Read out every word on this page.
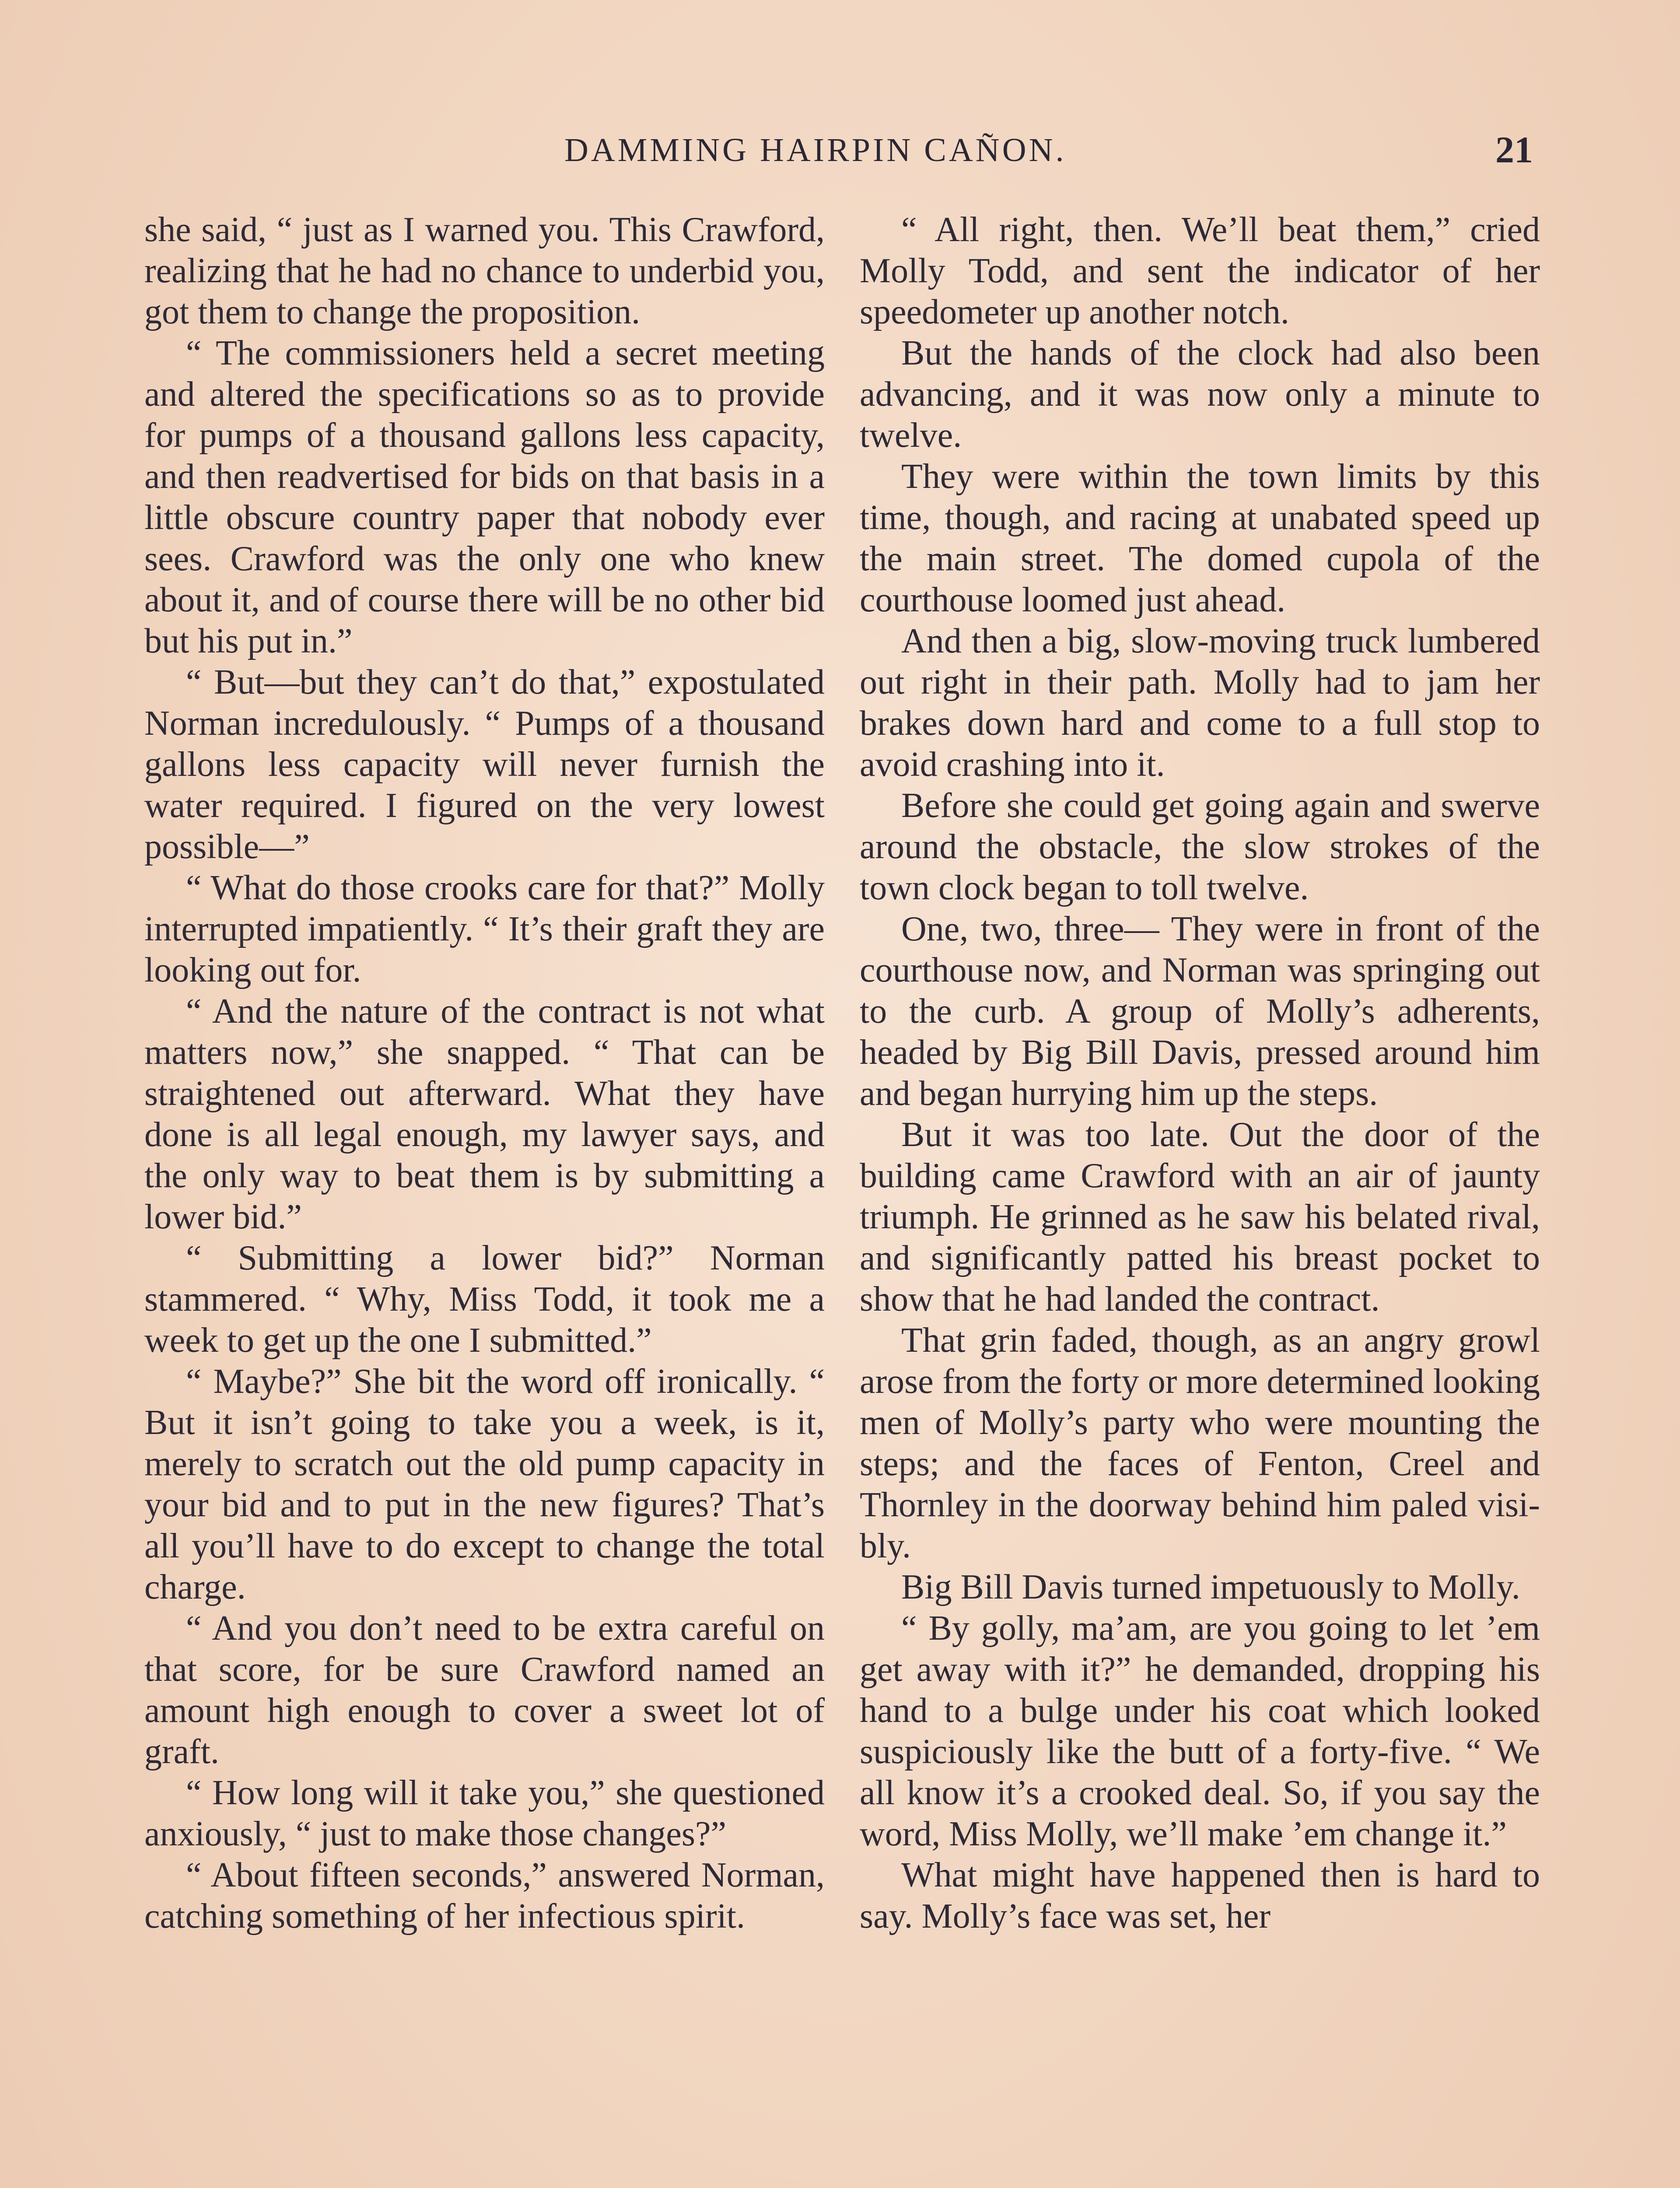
DAMMING HAIRPIN CAÑON.	21

she said, “ just as I warned you. This Crawford, realizing that he had no chance to underbid you, got them to change the proposition.

“ The commissioners held a secret meeting and altered the specifications so as to provide for pumps of a thousand gallons less capacity, and then readvertised for bids on that basis in a little obscure country paper that nobody ever sees. Crawford was the only one who knew about it, and of course there will be no other bid but his put in.”

“ But—but they can’t do that,” expostulated Norman incredulously. “ Pumps of a thousand gallons less capacity will never furnish the water required. I figured on the very lowest possible—”

“ What do those crooks care for that?” Molly interrupted impatiently. “ It’s their graft they are looking out for.

“ And the nature of the contract is not what matters now,” she snapped. “ That can be straightened out afterward. What they have done is all legal enough, my lawyer says, and the only way to beat them is by submitting a lower bid.”

“ Submitting a lower bid?” Norman stammered. “ Why, Miss Todd, it took me a week to get up the one I submitted.”

“ Maybe?” She bit the word off ironically. “ But it isn’t going to take you a week, is it, merely to scratch out the old pump capacity in your bid and to put in the new figures? That’s all you’ll have to do except to change the total charge.

“ And you don’t need to be extra careful on that score, for be sure Crawford named an amount high enough to cover a sweet lot of graft.

“ How long will it take you,” she questioned anxiously, “ just to make those changes?”

“ About fifteen seconds,” answered Norman, catching something of her infectious spirit.

“ All right, then. We’ll beat them,” cried Molly Todd, and sent the indicator of her speedometer up another notch.

But the hands of the clock had also been advancing, and it was now only a minute to twelve.

They were within the town limits by this time, though, and racing at unabated speed up the main street. The domed cupola of the courthouse loomed just ahead.

And then a big, slow-moving truck lumbered out right in their path. Molly had to jam her brakes down hard and come to a full stop to avoid crashing into it.

Before she could get going again and swerve around the obstacle, the slow strokes of the town clock began to toll twelve.

One, two, three— They were in front of the courthouse now, and Norman was springing out to the curb. A group of Molly’s adherents, headed by Big Bill Davis, pressed around him and began hurrying him up the steps.

But it was too late. Out the door of the building came Crawford with an air of jaunty triumph. He grinned as he saw his belated rival, and significantly patted his breast pocket to show that he had landed the contract.

That grin faded, though, as an angry growl arose from the forty or more determined looking men of Molly’s party who were mounting the steps; and the faces of Fenton, Creel and Thornley in the doorway behind him paled visibly.

Big Bill Davis turned impetuously to Molly.

“ By golly, ma’am, are you going to let ’em get away with it?” he demanded, dropping his hand to a bulge under his coat which looked suspiciously like the butt of a forty-five. “ We all know it’s a crooked deal. So, if you say the word, Miss Molly, we’ll make ’em change it.”

What might have happened then is hard to say. Molly’s face was set, her
